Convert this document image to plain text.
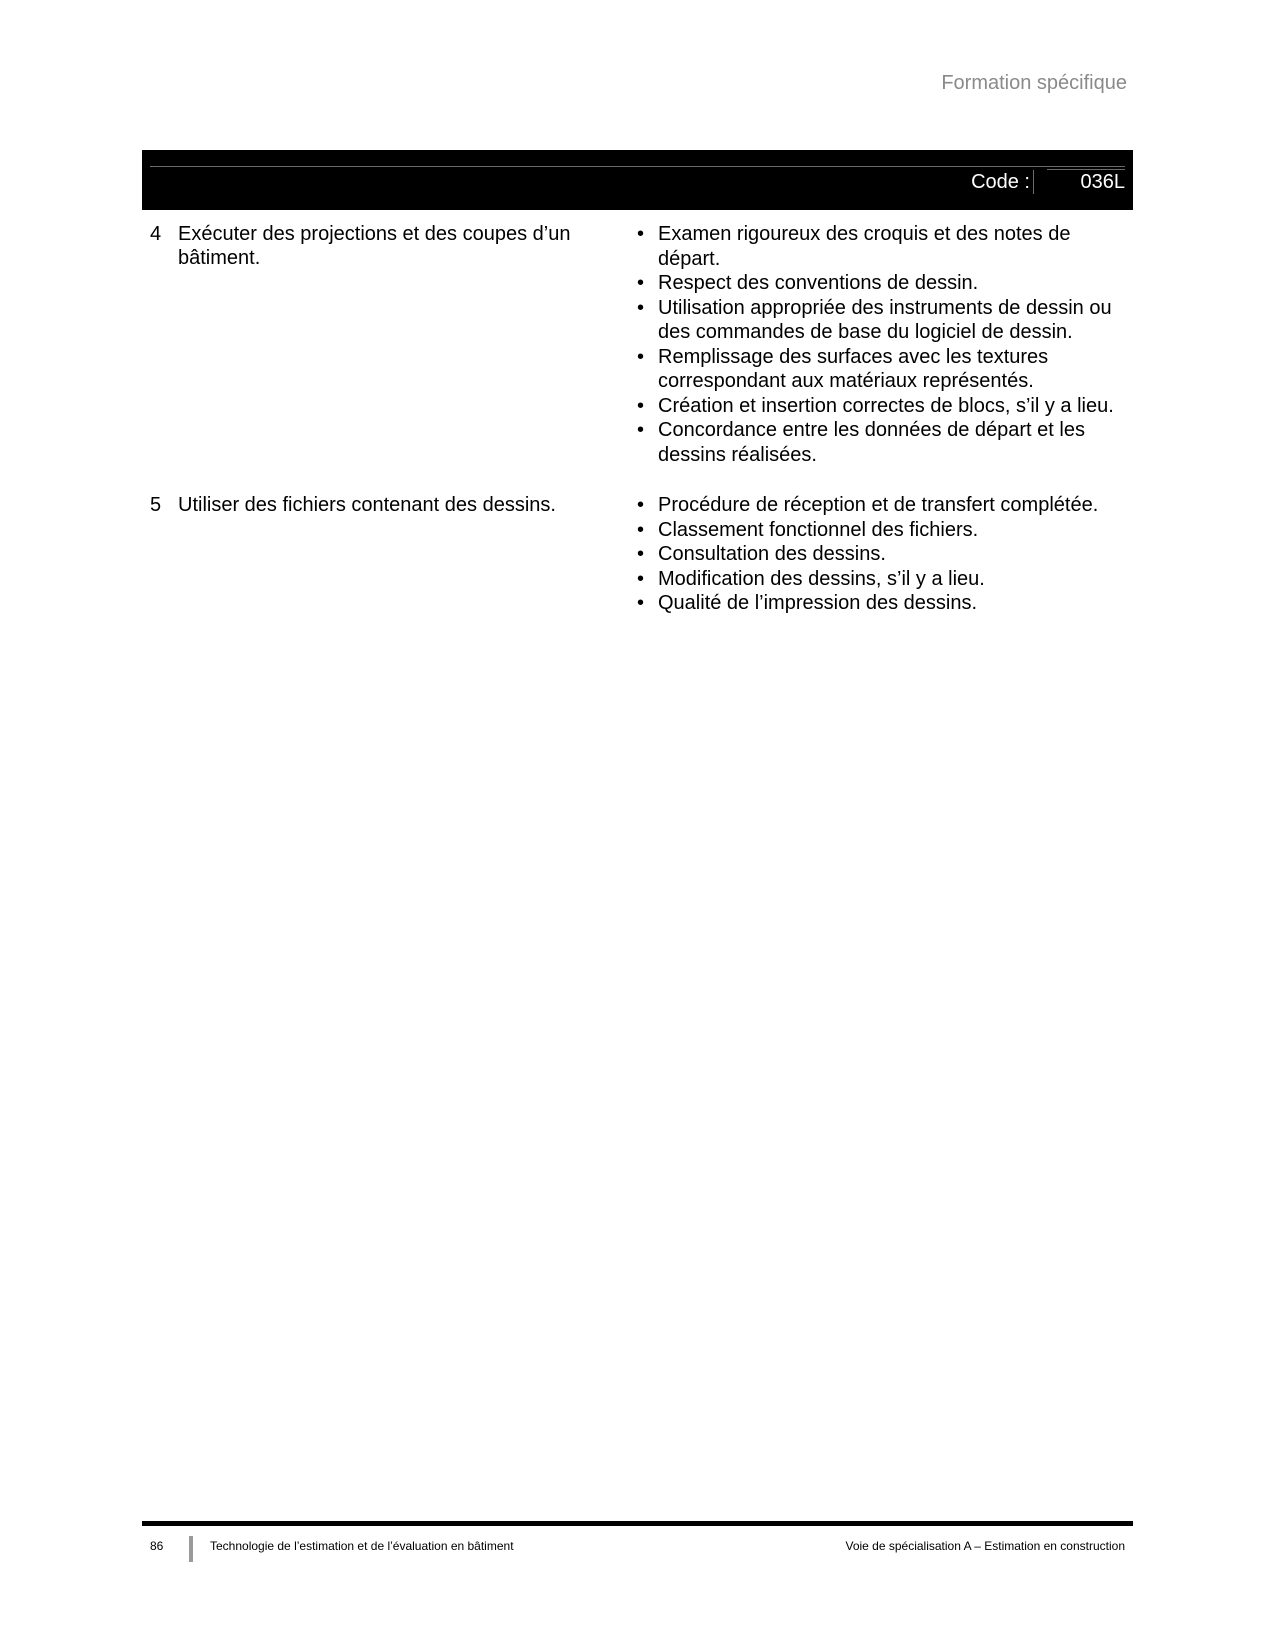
Formation spécifique
Code :	036L
4 Exécuter des projections et des coupes d’un bâtiment.
• Examen rigoureux des croquis et des notes de départ.
• Respect des conventions de dessin.
• Utilisation appropriée des instruments de dessin ou des commandes de base du logiciel de dessin.
• Remplissage des surfaces avec les textures correspondant aux matériaux représentés.
• Création et insertion correctes de blocs, s’il y a lieu.
• Concordance entre les données de départ et les dessins réalisées.
5 Utiliser des fichiers contenant des dessins.
•	Procédure de réception et de transfert complétée.
• Classement fonctionnel des fichiers.
• Consultation des dessins.
• Modification des dessins, s’il y a lieu.
• Qualité de l’impression des dessins.
86	Technologie de l’estimation et de l’évaluation en bâtiment	Voie de spécialisation A – Estimation en construction
